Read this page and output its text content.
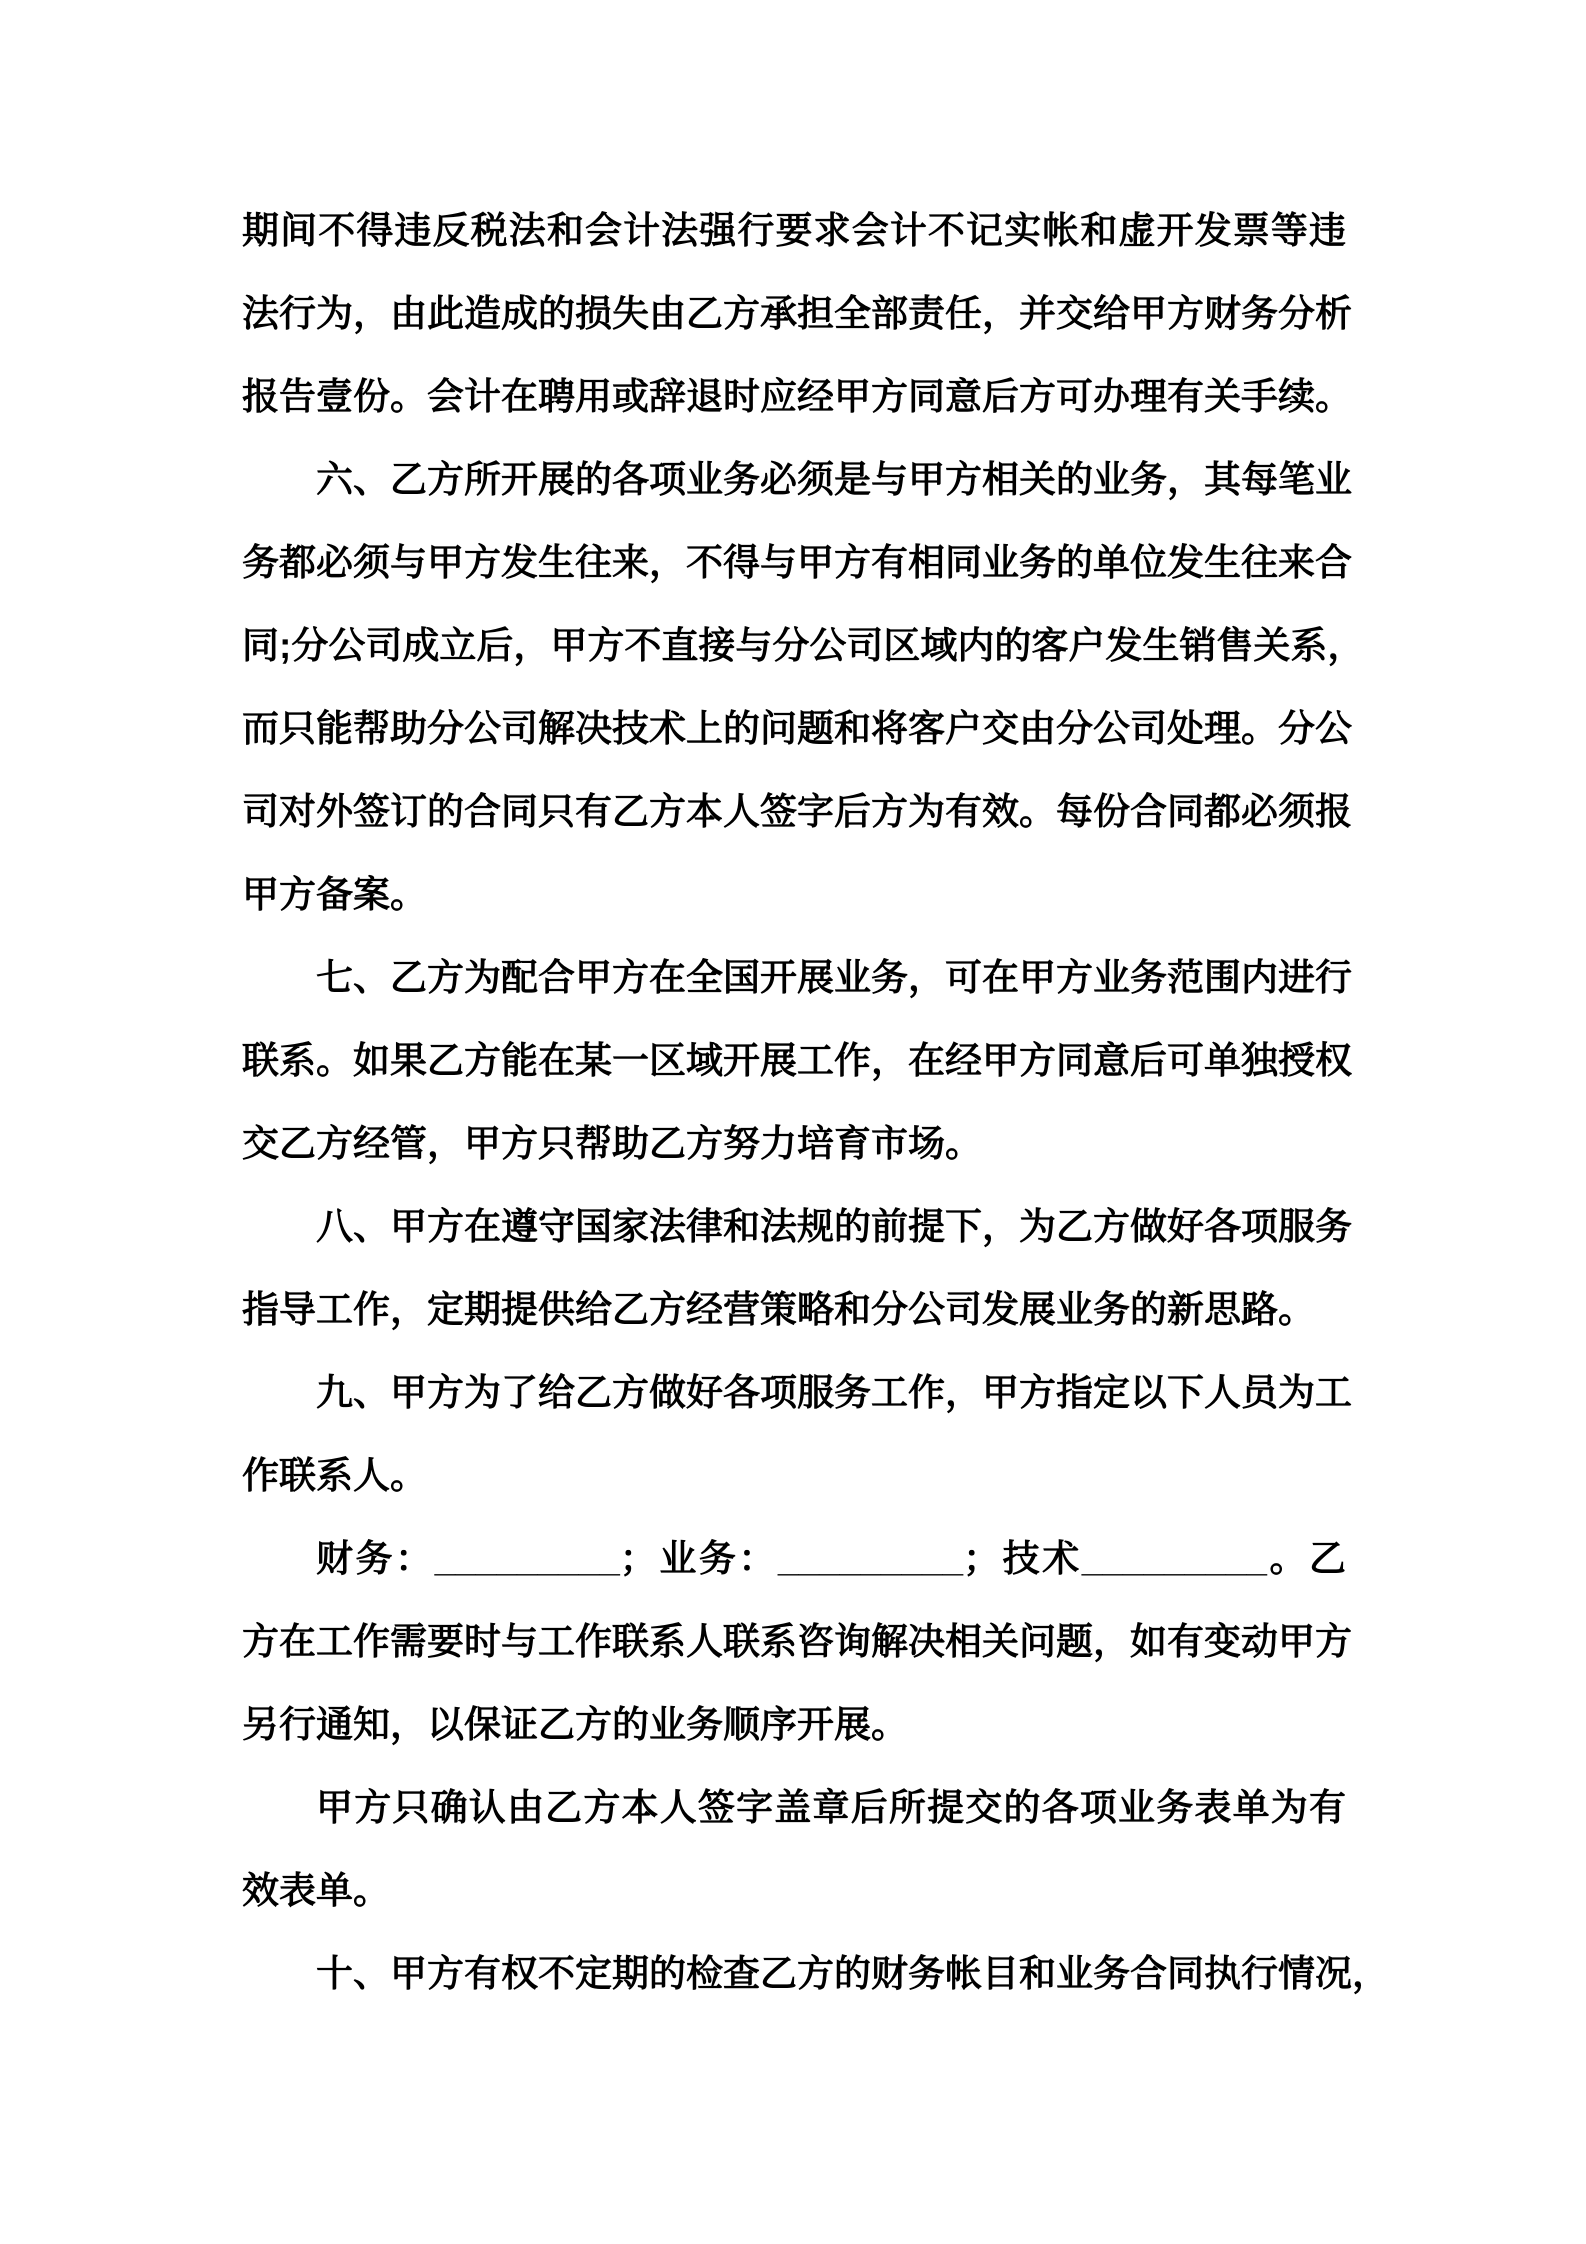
期间不得违反税法和会计法强行要求会计不记实帐和虚开发票等违
法行为，由此造成的损失由乙方承担全部责任，并交给甲方财务分析
报告壹份。会计在聘用或辞退时应经甲方同意后方可办理有关手续。
六、乙方所开展的各项业务必须是与甲方相关的业务，其每笔业
务都必须与甲方发生往来，不得与甲方有相同业务的单位发生往来合
同;分公司成立后，甲方不直接与分公司区域内的客户发生销售关系，
而只能帮助分公司解决技术上的问题和将客户交由分公司处理。分公
司对外签订的合同只有乙方本人签字后方为有效。每份合同都必须报
甲方备案。
七、乙方为配合甲方在全国开展业务，可在甲方业务范围内进行
联系。如果乙方能在某一区域开展工作，在经甲方同意后可单独授权
交乙方经管，甲方只帮助乙方努力培育市场。
八、甲方在遵守国家法律和法规的前提下，为乙方做好各项服务
指导工作，定期提供给乙方经营策略和分公司发展业务的新思路。
九、甲方为了给乙方做好各项服务工作，甲方指定以下人员为工
作联系人。
财务：_________；业务：_________；技术_________。乙
方在工作需要时与工作联系人联系咨询解决相关问题，如有变动甲方
另行通知，以保证乙方的业务顺序开展。
甲方只确认由乙方本人签字盖章后所提交的各项业务表单为有
效表单。
十、甲方有权不定期的检查乙方的财务帐目和业务合同执行情况，
